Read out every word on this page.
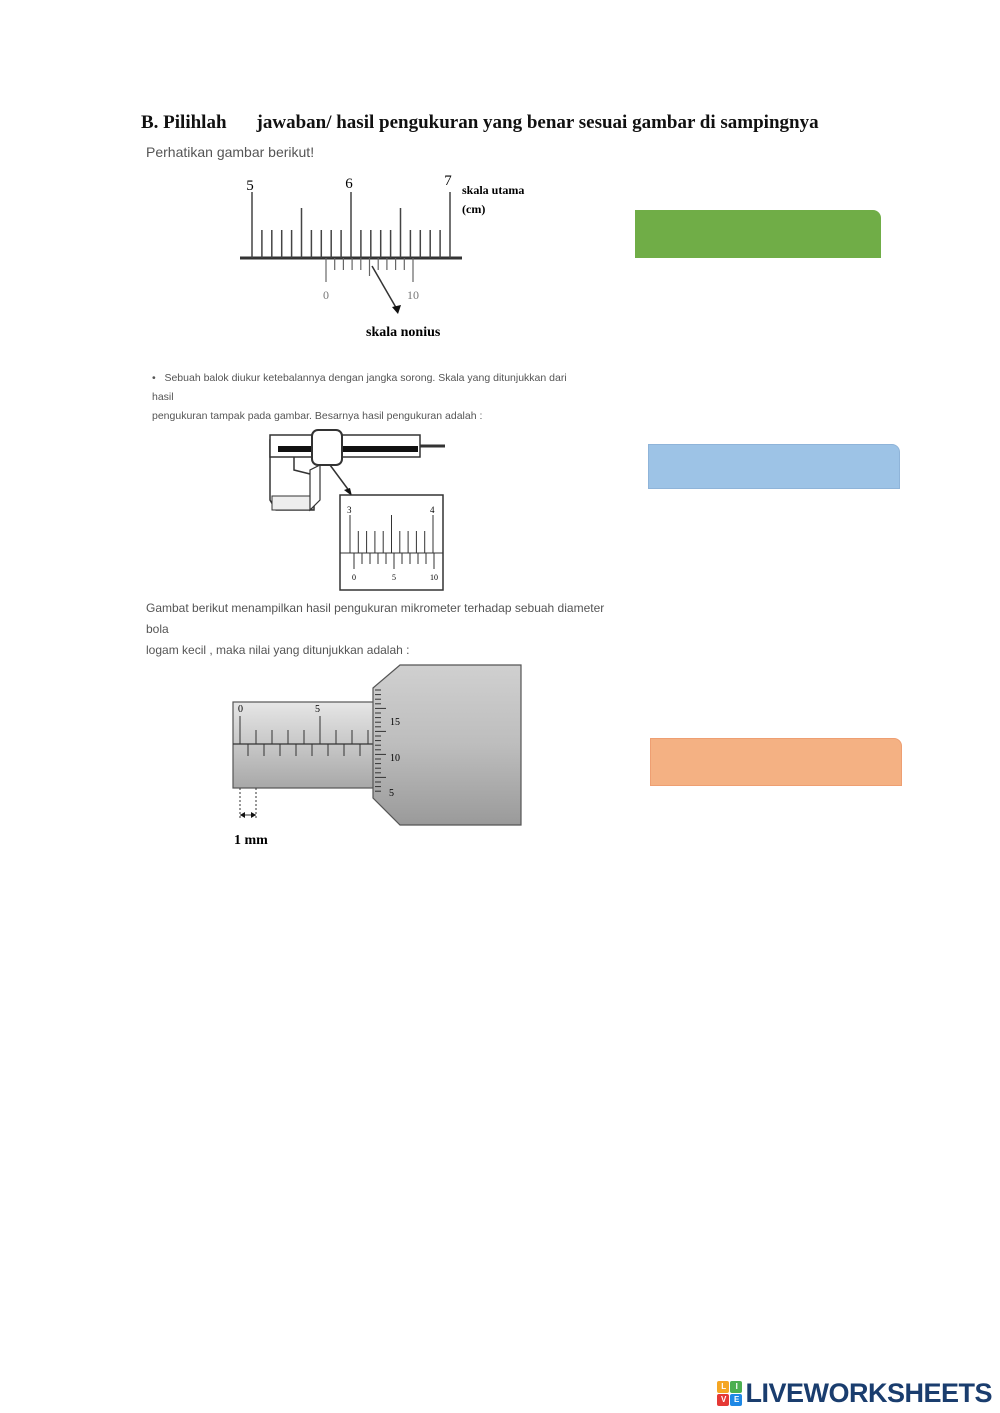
B. Pilihlah jawaban/ hasil pengukuran yang benar sesuai gambar di sampingnya
Perhatikan gambar berikut!
5	6	7
skala utama
(cm)
0	10
skala nonius
• Sebuah balok diukur ketebalannya dengan jangka sorong. Skala yang ditunjukkan dari hasil
pengukuran tampak pada gambar. Besarnya hasil pengukuran adalah :
cm
3	4
0	5	10
Gambat berikut menampilkan hasil pengukuran mikrometer terhadap sebuah diameter bola
logam kecil , maka nilai yang ditunjukkan adalah :
0	5
15
10
5
1 mm
L	I
V	E LIVEWORKSHEETS
